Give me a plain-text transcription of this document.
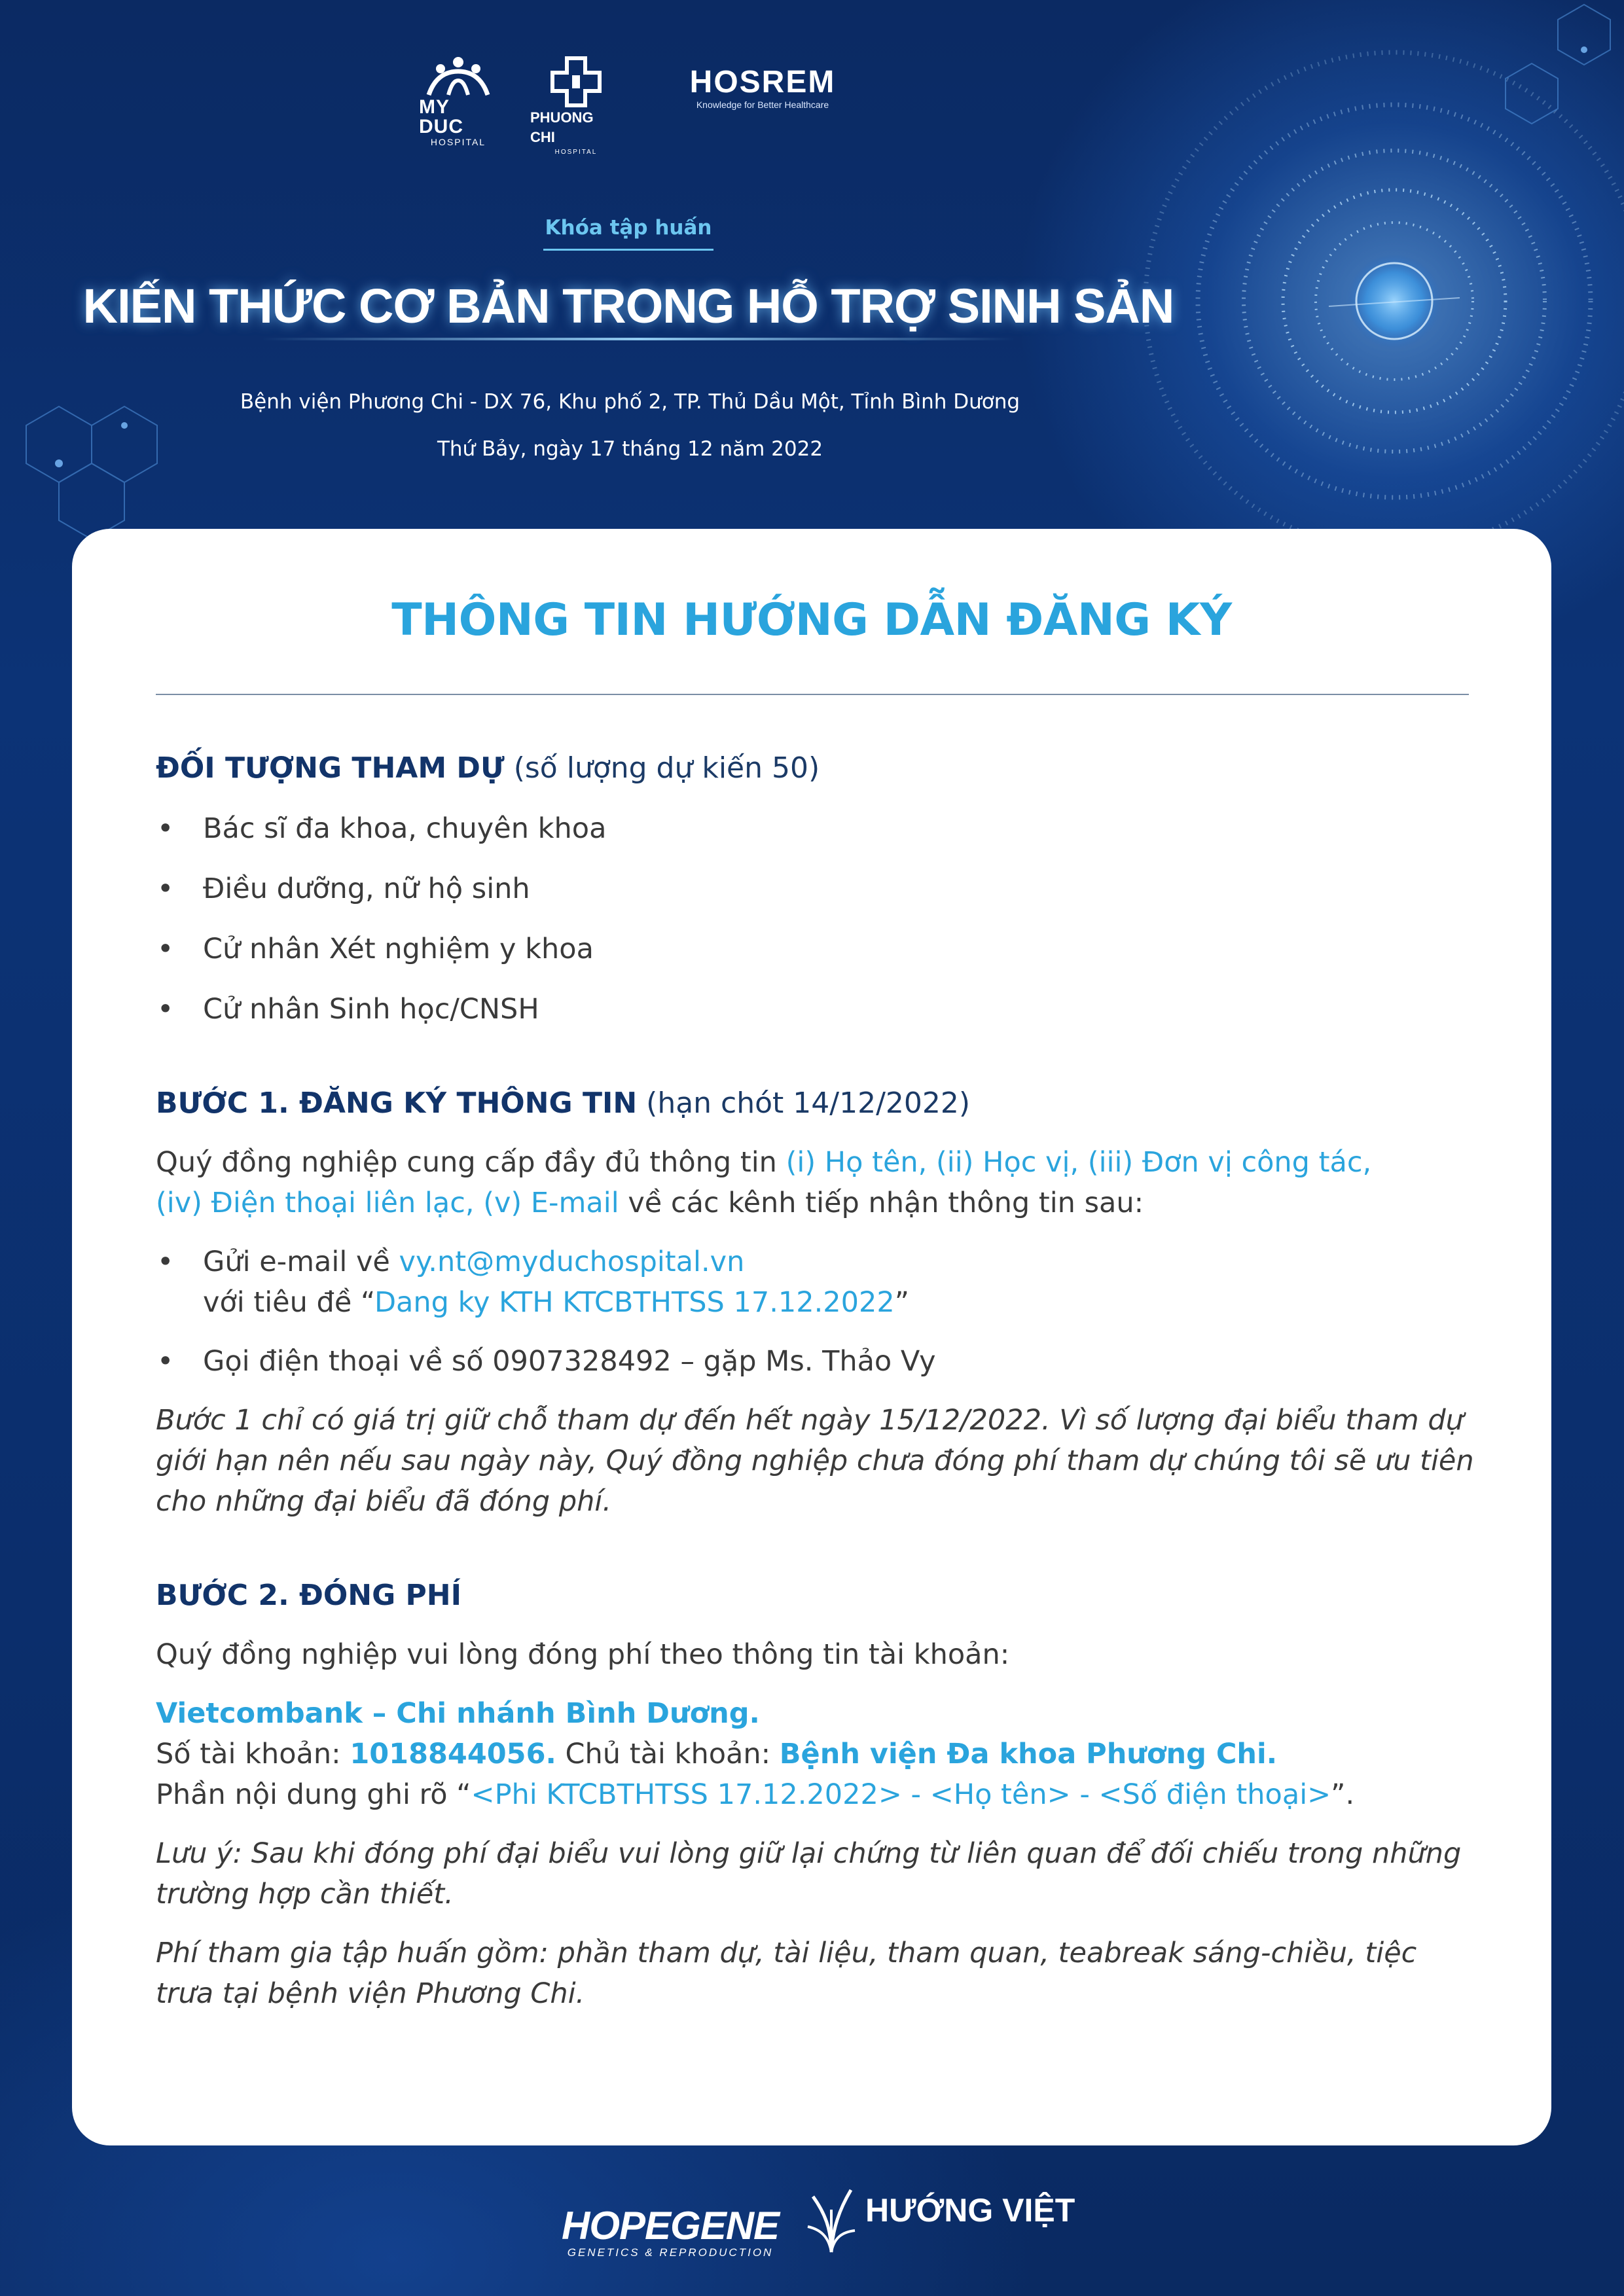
MY DUC
HOSPITAL
PHUONG CHI
HOSPITAL
HOSREM
Knowledge for Better Healthcare
Khóa tập huấn
KIẾN THỨC CƠ BẢN TRONG HỖ TRỢ SINH SẢN
Bệnh viện Phương Chi - DX 76, Khu phố 2, TP. Thủ Dầu Một, Tỉnh Bình Dương
Thứ Bảy, ngày 17 tháng 12 năm 2022
THÔNG TIN HƯỚNG DẪN ĐĂNG KÝ

ĐỐI TƯỢNG THAM DỰ (số lượng dự kiến 50)

• Bác sĩ đa khoa, chuyên khoa

• Điều dưỡng, nữ hộ sinh

• Cử nhân Xét nghiệm y khoa

• Cử nhân Sinh học/CNSH

BƯỚC 1. ĐĂNG KÝ THÔNG TIN (hạn chót 14/12/2022)

Quý đồng nghiệp cung cấp đầy đủ thông tin (i) Họ tên, (ii) Học vị, (iii) Đơn vị công tác,
(iv) Điện thoại liên lạc, (v) E-mail về các kênh tiếp nhận thông tin sau:

• Gửi e-mail về vy.nt@myduchospital.vn
với tiêu đề “Dang ky KTH KTCBTHTSS 17.12.2022”

• Gọi điện thoại về số 0907328492 – gặp Ms. Thảo Vy

Bước 1 chỉ có giá trị giữ chỗ tham dự đến hết ngày 15/12/2022. Vì số lượng đại biểu tham dự giới hạn nên nếu sau ngày này, Quý đồng nghiệp chưa đóng phí tham dự chúng tôi sẽ ưu tiên cho những đại biểu đã đóng phí.

BƯỚC 2. ĐÓNG PHÍ

Quý đồng nghiệp vui lòng đóng phí theo thông tin tài khoản:

Vietcombank – Chi nhánh Bình Dương.
Số tài khoản: 1018844056. Chủ tài khoản: Bệnh viện Đa khoa Phương Chi.
Phần nội dung ghi rõ “<Phi KTCBTHTSS 17.12.2022> - <Họ tên> - <Số điện thoại>”.

Lưu ý: Sau khi đóng phí đại biểu vui lòng giữ lại chứng từ liên quan để đối chiếu trong những trường hợp cần thiết.

Phí tham gia tập huấn gồm: phần tham dự, tài liệu, tham quan, teabreak sáng-chiều, tiệc trưa tại bệnh viện Phương Chi.

HOPEGENE
GENETICS & REPRODUCTION
HƯỚNG VIỆT
